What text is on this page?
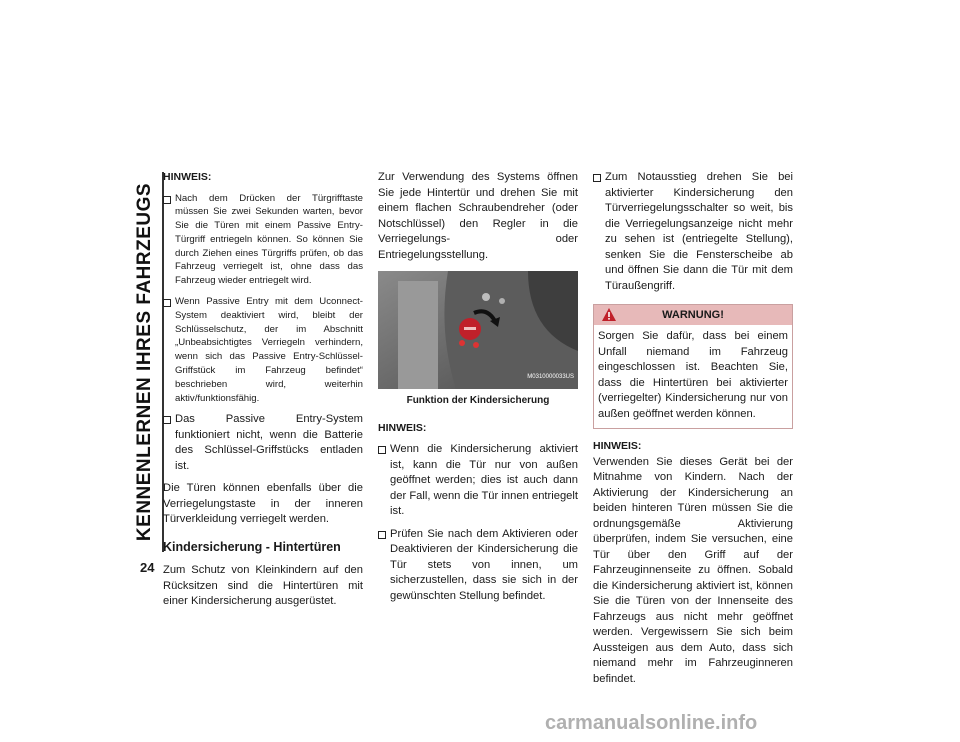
KENNENLERNEN IHRES FAHRZEUGS
24
HINWEIS:
Nach dem Drücken der Türgrifftaste müssen Sie zwei Sekunden warten, bevor Sie die Türen mit einem Passive Entry-Türgriff entriegeln können. So können Sie durch Ziehen eines Türgriffs prüfen, ob das Fahrzeug verriegelt ist, ohne dass das Fahrzeug wieder entriegelt wird.
Wenn Passive Entry mit dem Uconnect-System deaktiviert wird, bleibt der Schlüsselschutz, der im Abschnitt „Unbeabsichtigtes Verriegeln verhindern, wenn sich das Passive Entry-Schlüssel-Griffstück im Fahrzeug befindet“ beschrieben wird, weiterhin aktiv/funktionsfähig.
Das Passive Entry-System funktioniert nicht, wenn die Batterie des Schlüssel-Griffstücks entladen ist.
Die Türen können ebenfalls über die Verriegelungstaste in der inneren Türverkleidung verriegelt werden.
Kindersicherung - Hintertüren
Zum Schutz von Kleinkindern auf den Rücksitzen sind die Hintertüren mit einer Kindersicherung ausgerüstet.
Zur Verwendung des Systems öffnen Sie jede Hintertür und drehen Sie mit einem flachen Schraubendreher (oder Notschlüssel) den Regler in die Verriegelungs- oder Entriegelungsstellung.
M0310000033US
Funktion der Kindersicherung
HINWEIS:
Wenn die Kindersicherung aktiviert ist, kann die Tür nur von außen geöffnet werden; dies ist auch dann der Fall, wenn die Tür innen entriegelt ist.
Prüfen Sie nach dem Aktivieren oder Deaktivieren der Kindersicherung die Tür stets von innen, um sicherzustellen, dass sie sich in der gewünschten Stellung befindet.
Zum Notausstieg drehen Sie bei aktivierter Kindersicherung den Türverriegelungsschalter so weit, bis die Verriegelungsanzeige nicht mehr zu sehen ist (entriegelte Stellung), senken Sie die Fensterscheibe ab und öffnen Sie dann die Tür mit dem Türaußengriff.
WARNUNG!
Sorgen Sie dafür, dass bei einem Unfall niemand im Fahrzeug eingeschlossen ist. Beachten Sie, dass die Hintertüren bei aktivierter (verriegelter) Kindersicherung nur von außen geöffnet werden können.
HINWEIS:
Verwenden Sie dieses Gerät bei der Mitnahme von Kindern. Nach der Aktivierung der Kindersicherung an beiden hinteren Türen müssen Sie die ordnungsgemäße Aktivierung überprüfen, indem Sie versuchen, eine Tür über den Griff auf der Fahrzeuginnenseite zu öffnen. Sobald die Kindersicherung aktiviert ist, können Sie die Türen von der Innenseite des Fahrzeugs aus nicht mehr geöffnet werden. Vergewissern Sie sich beim Aussteigen aus dem Auto, dass sich niemand mehr im Fahrzeuginneren befindet.
carmanualsonline.info
